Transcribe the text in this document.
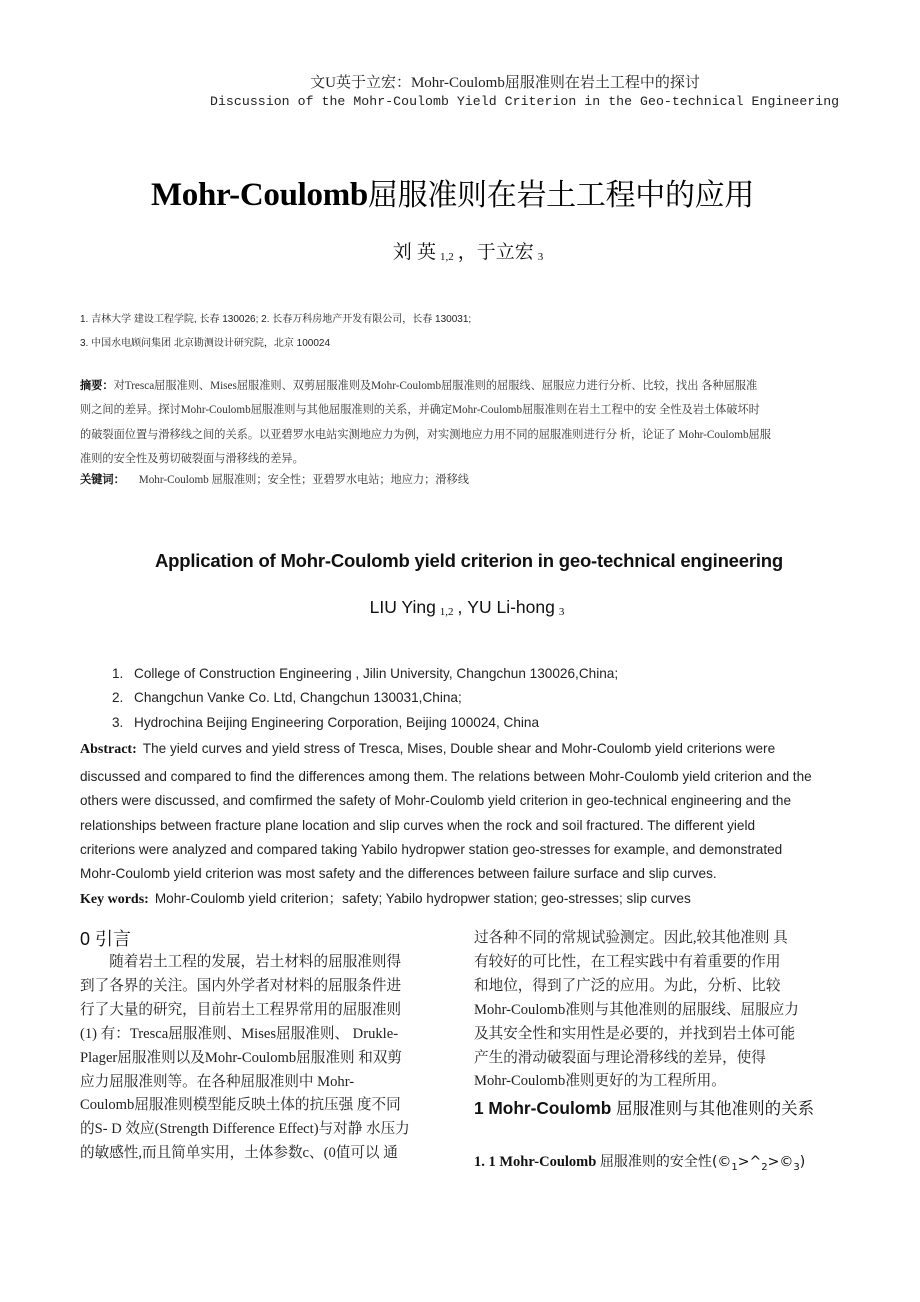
文U英于立宏：Mohr-Coulomb屈服准则在岩土工程中的探讨
Discussion of the Mohr-Coulomb Yield Criterion in the Geo-technical Engineering
Mohr-Coulomb屈服准则在岩土工程中的应用
刘 英 1,2 ，于立宏 3
1. 吉林大学 建设工程学院, 长春 130026; 2. 长春万科房地产开发有限公司，长春 130031;
3. 中国水电顾问集团 北京勘测设计研究院，北京 100024
摘要：对Tresca屈服准则、Mises屈服准则、双剪屈服准则及Mohr-Coulomb屈服准则的屈服线、屈服应力进行分析、比较，找出 各种屈服准
则之间的差异。探讨Mohr-Coulomb屈服准则与其他屈服准则的关系，并确定Mohr-Coulomb屈服准则在岩土工程中的安 全性及岩土体破坏时
的破裂面位置与滑移线之间的关系。以亚碧罗水电站实测地应力为例，对实测地应力用不同的屈服准则进行分 析，论证了 Mohr-Coulomb屈服
准则的安全性及剪切破裂面与滑移线的差异。
关键词： Mohr-Coulomb 屈服准则；安全性；亚碧罗水电站；地应力；滑移线
Application of Mohr-Coulomb yield criterion in geo-technical engineering
LIU Ying 1,2 , YU Li-hong 3
1. College of Construction Engineering , Jilin University, Changchun 130026,China;
2. Changchun Vanke Co. Ltd, Changchun 130031,China;
3. Hydrochina Beijing Engineering Corporation, Beijing 100024, China
Abstract: The yield curves and yield stress of Tresca, Mises, Double shear and Mohr-Coulomb yield criterions were
discussed and compared to find the differences among them. The relations between Mohr-Coulomb yield criterion and the
others were discussed, and comfirmed the safety of Mohr-Coulomb yield criterion in geo-technical engineering and the
relationships between fracture plane location and slip curves when the rock and soil fractured. The different yield
criterions were analyzed and compared taking Yabilo hydropwer station geo-stresses for example, and demonstrated
Mohr-Coulomb yield criterion was most safety and the differences between failure surface and slip curves.
Key words: Mohr-Coulomb yield criterion；safety; Yabilo hydropwer station; geo-stresses; slip curves
0 引言
随着岩土工程的发展，岩土材料的屈服准则得
到了各界的关注。国内外学者对材料的屈服条件进
行了大量的研究，目前岩土工程界常用的屈服准则
(1) 有：Tresca屈服准则、Mises屈服准则、 Drukle-
Plager屈服准则以及Mohr-Coulomb屈服准则 和双剪
应力屈服准则等。在各种屈服准则中 Mohr-
Coulomb屈服准则模型能反映土体的抗压强 度不同
的S- D 效应(Strength Difference Effect)与对静 水压力
的敏感性,而且简单实用，土体参数c、(0值可以 通
过各种不同的常规试验测定。因此,较其他准则 具
有较好的可比性，在工程实践中有着重要的作用
和地位，得到了广泛的应用。为此，分析、比较
Mohr-Coulomb准则与其他准则的屈服线、屈服应力
及其安全性和实用性是必要的，并找到岩土体可能
产生的滑动破裂面与理论滑移线的差异，使得
Mohr-Coulomb准则更好的为工程所用。
1 Mohr-Coulomb 屈服准则与其他准则的关系
1. 1 Mohr-Coulomb 屈服准则的安全性$(©_1>\^{}_2>©_3)$
